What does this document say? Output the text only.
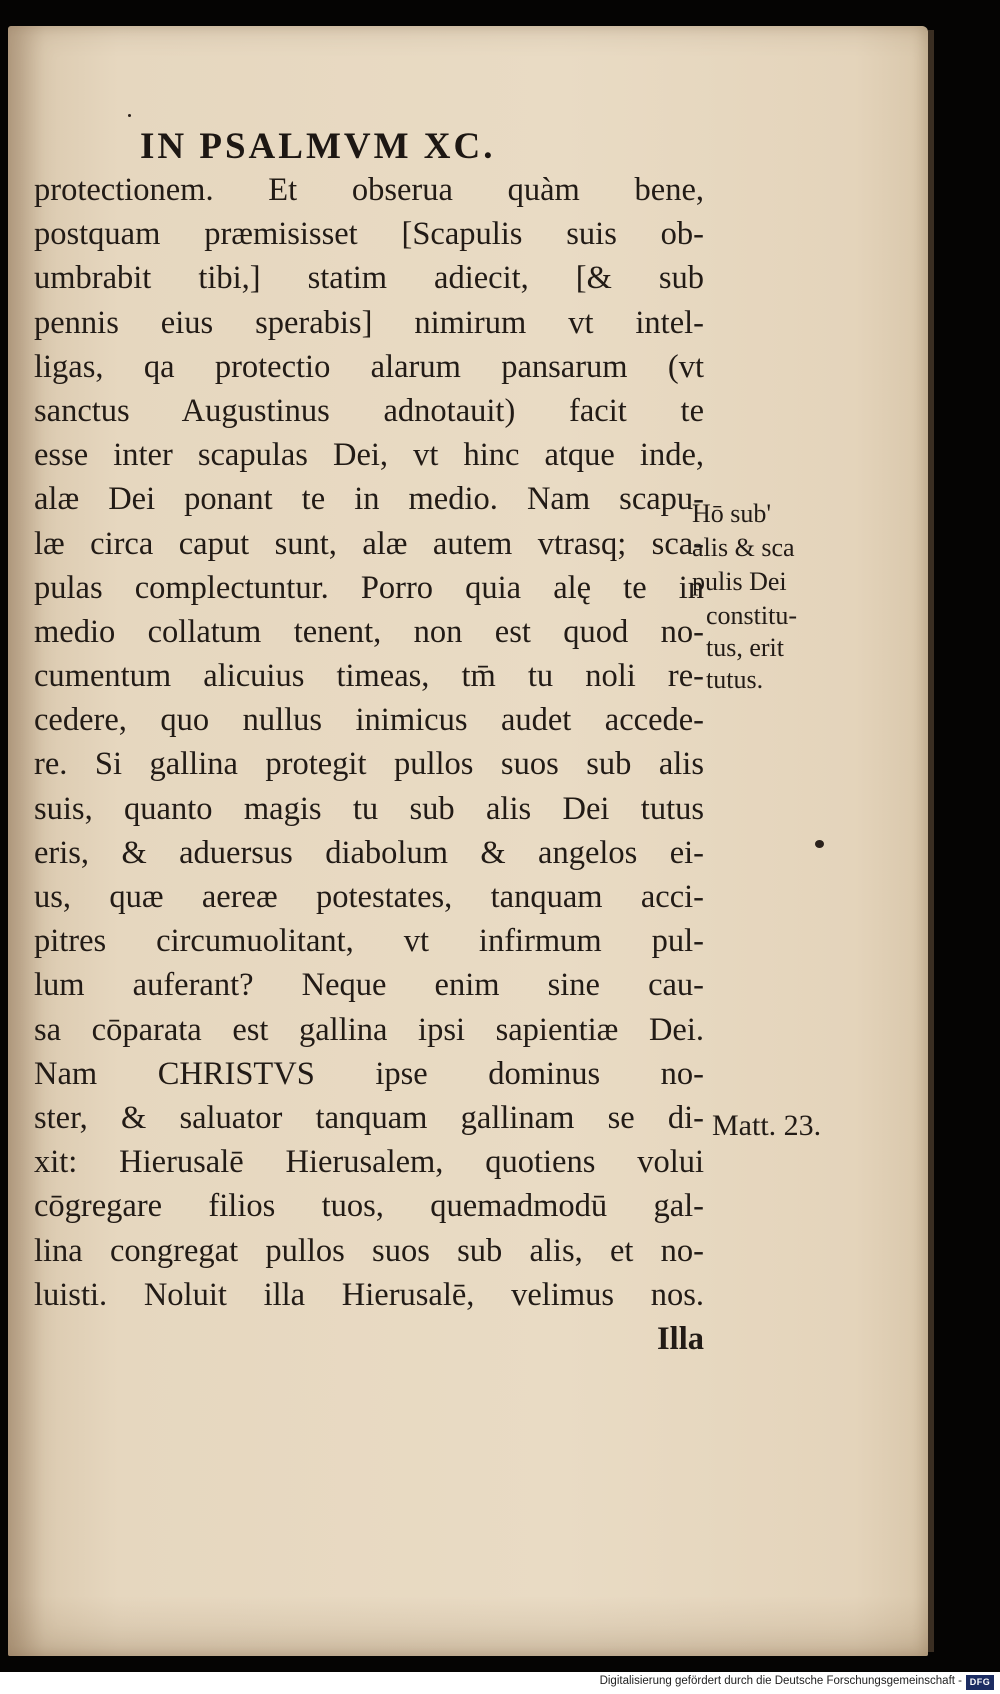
IN PSALMVM XC.
protectionem. Et obserua quàm bene,
postquam præmisisset [Scapulis suis ob-
umbrabit tibi,] statim adiecit, [& sub
pennis eius sperabis] nimirum vt intel-
ligas, qa protectio alarum pansarum (vt
sanctus Augustinus adnotauit) facit te
esse inter scapulas Dei, vt hinc atque inde,
alæ Dei ponant te in medio. Nam scapu-
læ circa caput sunt, alæ autem vtrasq; sca-
pulas complectuntur. Porro quia alę te in
medio collatum tenent, non est quod no-
cumentum alicuius timeas, tm̄ tu noli re-
cedere, quo nullus inimicus audet accede-
re. Si gallina protegit pullos suos sub alis
suis, quanto magis tu sub alis Dei tutus
eris, & aduersus diabolum & angelos ei-
us, quæ aereæ potestates, tanquam acci-
pitres circumuolitant, vt infirmum pul-
lum auferant? Neque enim sine cau-
sa cōparata est gallina ipsi sapientiæ Dei.
Nam CHRISTVS ipse dominus no-
ster, & saluator tanquam gallinam se di-
xit: Hierusalē Hierusalem, quotiens volui
cōgregare filios tuos, quemadmodū gal-
lina congregat pullos suos sub alis, et no-
luisti. Noluit illa Hierusalē, velimus nos.
Illa
Hō sub'
alis & sca
pulis Dei
constitu-
tus, erit
tutus.
Matt. 23.
Digitalisierung gefördert durch die Deutsche Forschungsgemeinschaft - DFG
